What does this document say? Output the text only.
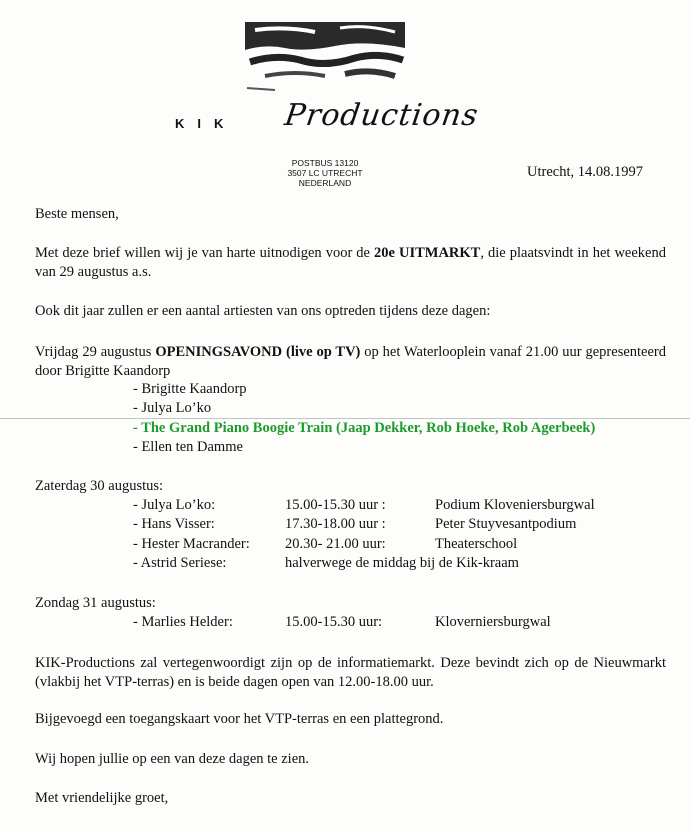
KIK Productions
POSTBUS 13120
3507 LC UTRECHT
NEDERLAND
Utrecht, 14.08.1997

Beste mensen,

Met deze brief willen wij je van harte uitnodigen voor de 20e UITMARKT, die plaatsvindt in het weekend van 29 augustus a.s.

Ook dit jaar zullen er een aantal artiesten van ons optreden tijdens deze dagen:

Vrijdag 29 augustus OPENINGSAVOND (live op TV) op het Waterlooplein vanaf 21.00 uur gepresenteerd door Brigitte Kaandorp

- Brigitte Kaandorp
- Julya Lo’ko
- The Grand Piano Boogie Train (Jaap Dekker, Rob Hoeke, Rob Agerbeek)
- Ellen ten Damme
Zaterdag 30 augustus:
- Julya Lo’ko:	15.00-15.30 uur :	Podium Kloveniersburgwal
- Hans Visser:	17.30-18.00 uur :	Peter Stuyvesantpodium
- Hester Macrander: 20.30- 21.00 uur:	Theaterschool
- Astrid Seriese:	halverwege de middag bij de Kik-kraam
Zondag 31 augustus:
- Marlies Helder:	15.00-15.30 uur:	Kloverniersburgwal

KIK-Productions zal vertegenwoordigt zijn op de informatiemarkt. Deze bevindt zich op de Nieuwmarkt (vlakbij het VTP-terras) en is beide dagen open van 12.00-18.00 uur.

Bijgevoegd een toegangskaart voor het VTP-terras en een plattegrond.

Wij hopen jullie op een van deze dagen te zien.

Met vriendelijke groet,
